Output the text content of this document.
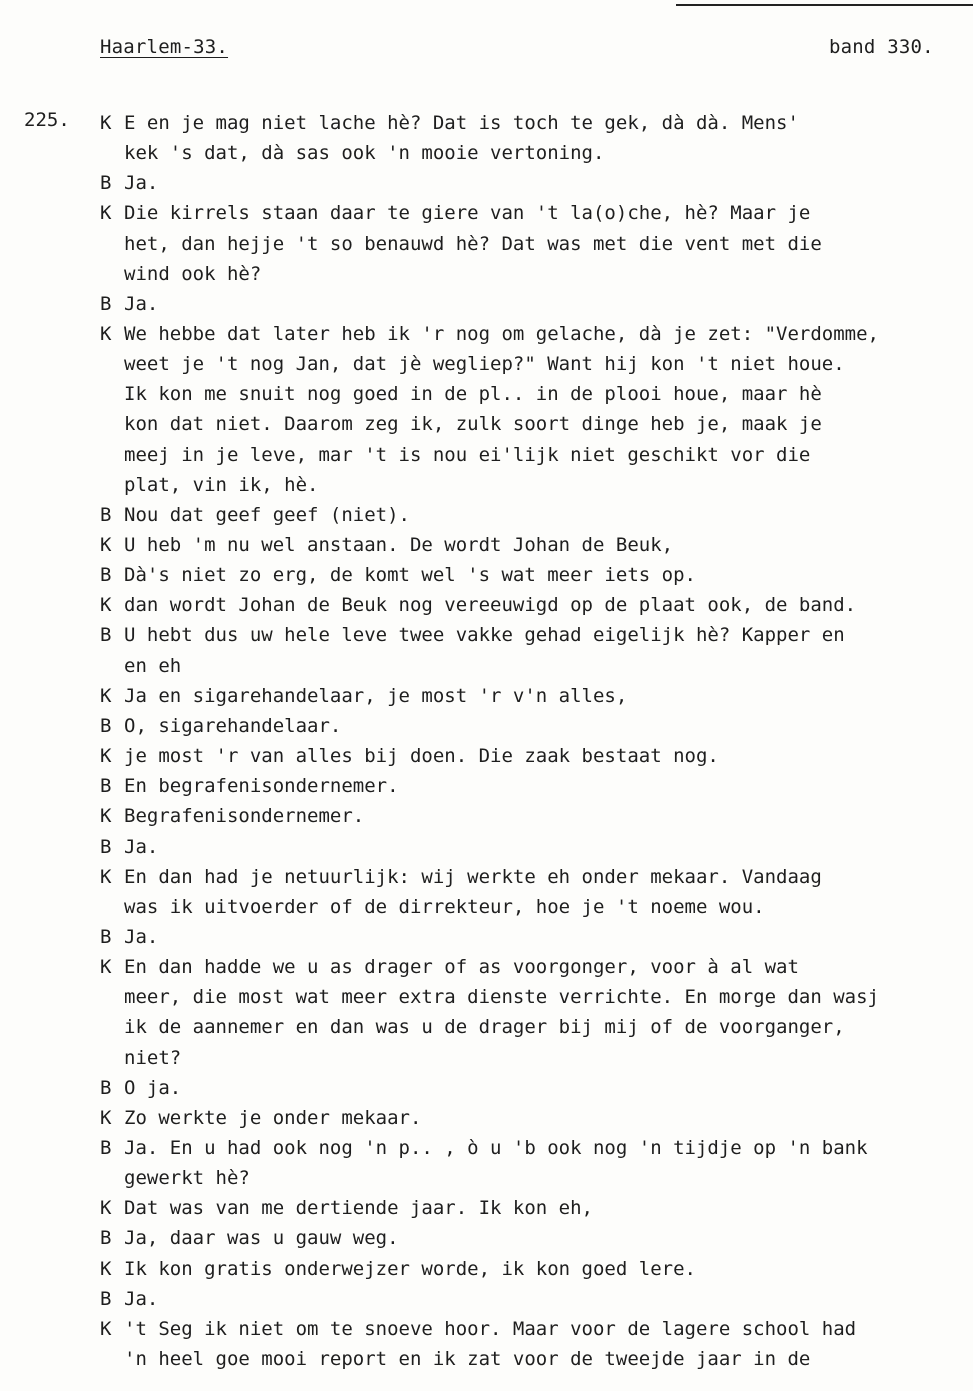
Haarlem-33.	band 330.
225. K E en je mag niet lache hè? Dat is toch te gek, dà dà. Mens'
kek 's dat, dà sas ook 'n mooie vertoning.
B Ja.
K Die kirrels staan daar te giere van 't la(o)che, hè? Maar je
het, dan hejje 't so benauwd hè? Dat was met die vent met die
wind ook hè?
B Ja.
K We hebbe dat later heb ik 'r nog om gelache, dà je zet: "Verdomme,
weet je 't nog Jan, dat jè wegliep?" Want hij kon 't niet houe.
Ik kon me snuit nog goed in de pl.. in de plooi houe, maar hè
kon dat niet. Daarom zeg ik, zulk soort dinge heb je, maak je
meej in je leve, mar 't is nou ei'lijk niet geschikt vor die
plat, vin ik, hè.
B Nou dat geef geef (niet).
K U heb 'm nu wel anstaan. De wordt Johan de Beuk,
B Dà's niet zo erg, de komt wel 's wat meer iets op.
K dan wordt Johan de Beuk nog vereeuwigd op de plaat ook, de band.
B U hebt dus uw hele leve twee vakke gehad eigelijk hè? Kapper en
en eh
K Ja en sigarehandelaar, je most 'r v'n alles,
B O, sigarehandelaar.
K je most 'r van alles bij doen. Die zaak bestaat nog.
B En begrafenisondernemer.
K Begrafenisondernemer.
B Ja.
K En dan had je netuurlijk: wij werkte eh onder mekaar. Vandaag
was ik uitvoerder of de dirrekteur, hoe je 't noeme wou.
B Ja.
K En dan hadde we u as drager of as voorgonger, voor à al wat
meer, die most wat meer extra dienste verrichte. En morge dan wasj
ik de aannemer en dan was u de drager bij mij of de voorganger,
niet?
B O ja.
K Zo werkte je onder mekaar.
B Ja. En u had ook nog 'n p.. , ò u 'b ook nog 'n tijdje op 'n bank
gewerkt hè?
K Dat was van me dertiende jaar. Ik kon eh,
B Ja, daar was u gauw weg.
K Ik kon gratis onderwejzer worde, ik kon goed lere.
B Ja.
K 't Seg ik niet om te snoeve hoor. Maar voor de lagere school had
'n heel goe mooi report en ik zat voor de tweejde jaar in de
